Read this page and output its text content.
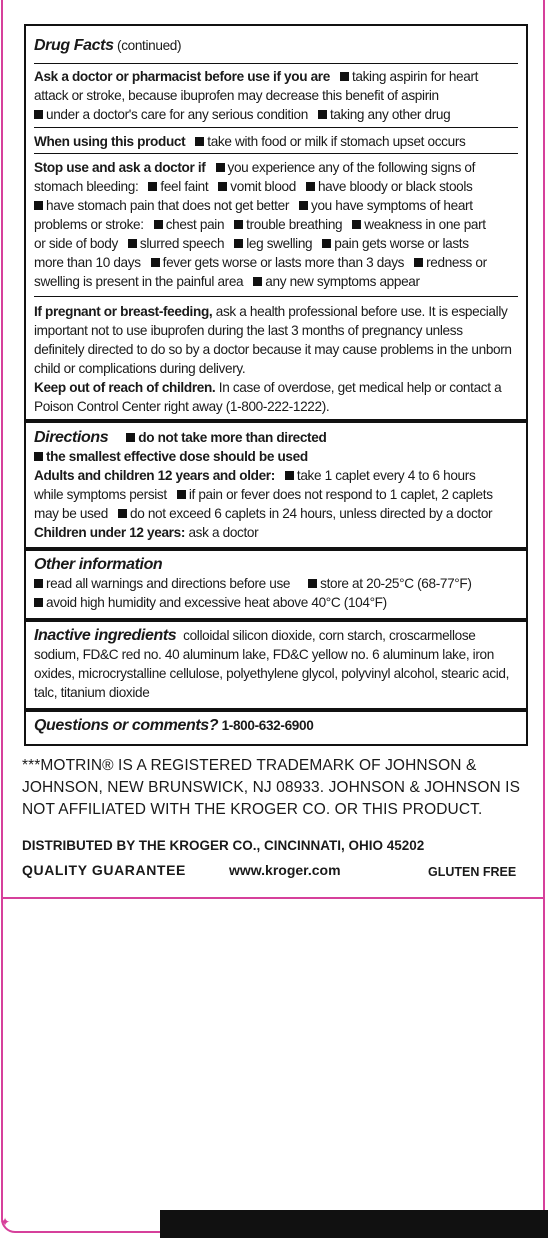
Drug Facts (continued)
Ask a doctor or pharmacist before use if you are taking aspirin for heart
attack or stroke, because ibuprofen may decrease this benefit of aspirin
under a doctor's care for any serious condition taking any other drug
When using this product take with food or milk if stomach upset occurs
Stop use and ask a doctor if you experience any of the following signs of
stomach bleeding: feel faint vomit blood have bloody or black stools
have stomach pain that does not get better you have symptoms of heart
problems or stroke: chest pain trouble breathing weakness in one part
or side of body slurred speech leg swelling pain gets worse or lasts
more than 10 days fever gets worse or lasts more than 3 days redness or
swelling is present in the painful area any new symptoms appear
If pregnant or breast-feeding, ask a health professional before use. It is especially
important not to use ibuprofen during the last 3 months of pregnancy unless
definitely directed to do so by a doctor because it may cause problems in the unborn
child or complications during delivery.
Keep out of reach of children. In case of overdose, get medical help or contact a
Poison Control Center right away (1-800-222-1222).
Directions do not take more than directed
the smallest effective dose should be used
Adults and children 12 years and older: take 1 caplet every 4 to 6 hours
while symptoms persist if pain or fever does not respond to 1 caplet, 2 caplets
may be used do not exceed 6 caplets in 24 hours, unless directed by a doctor
Children under 12 years: ask a doctor
Other information
read all warnings and directions before use store at 20-25°C (68-77°F)
avoid high humidity and excessive heat above 40°C (104°F)
Inactive ingredients colloidal silicon dioxide, corn starch, croscarmellose
sodium, FD&C red no. 40 aluminum lake, FD&C yellow no. 6 aluminum lake, iron
oxides, microcrystalline cellulose, polyethylene glycol, polyvinyl alcohol, stearic acid,
talc, titanium dioxide
Questions or comments? 1-800-632-6900
***MOTRIN® IS A REGISTERED TRADEMARK OF JOHNSON &
JOHNSON, NEW BRUNSWICK, NJ 08933. JOHNSON & JOHNSON IS
NOT AFFILIATED WITH THE KROGER CO. OR THIS PRODUCT.
DISTRIBUTED BY THE KROGER CO., CINCINNATI, OHIO 45202
QUALITY GUARANTEE	www.kroger.com	GLUTEN FREE
✦
